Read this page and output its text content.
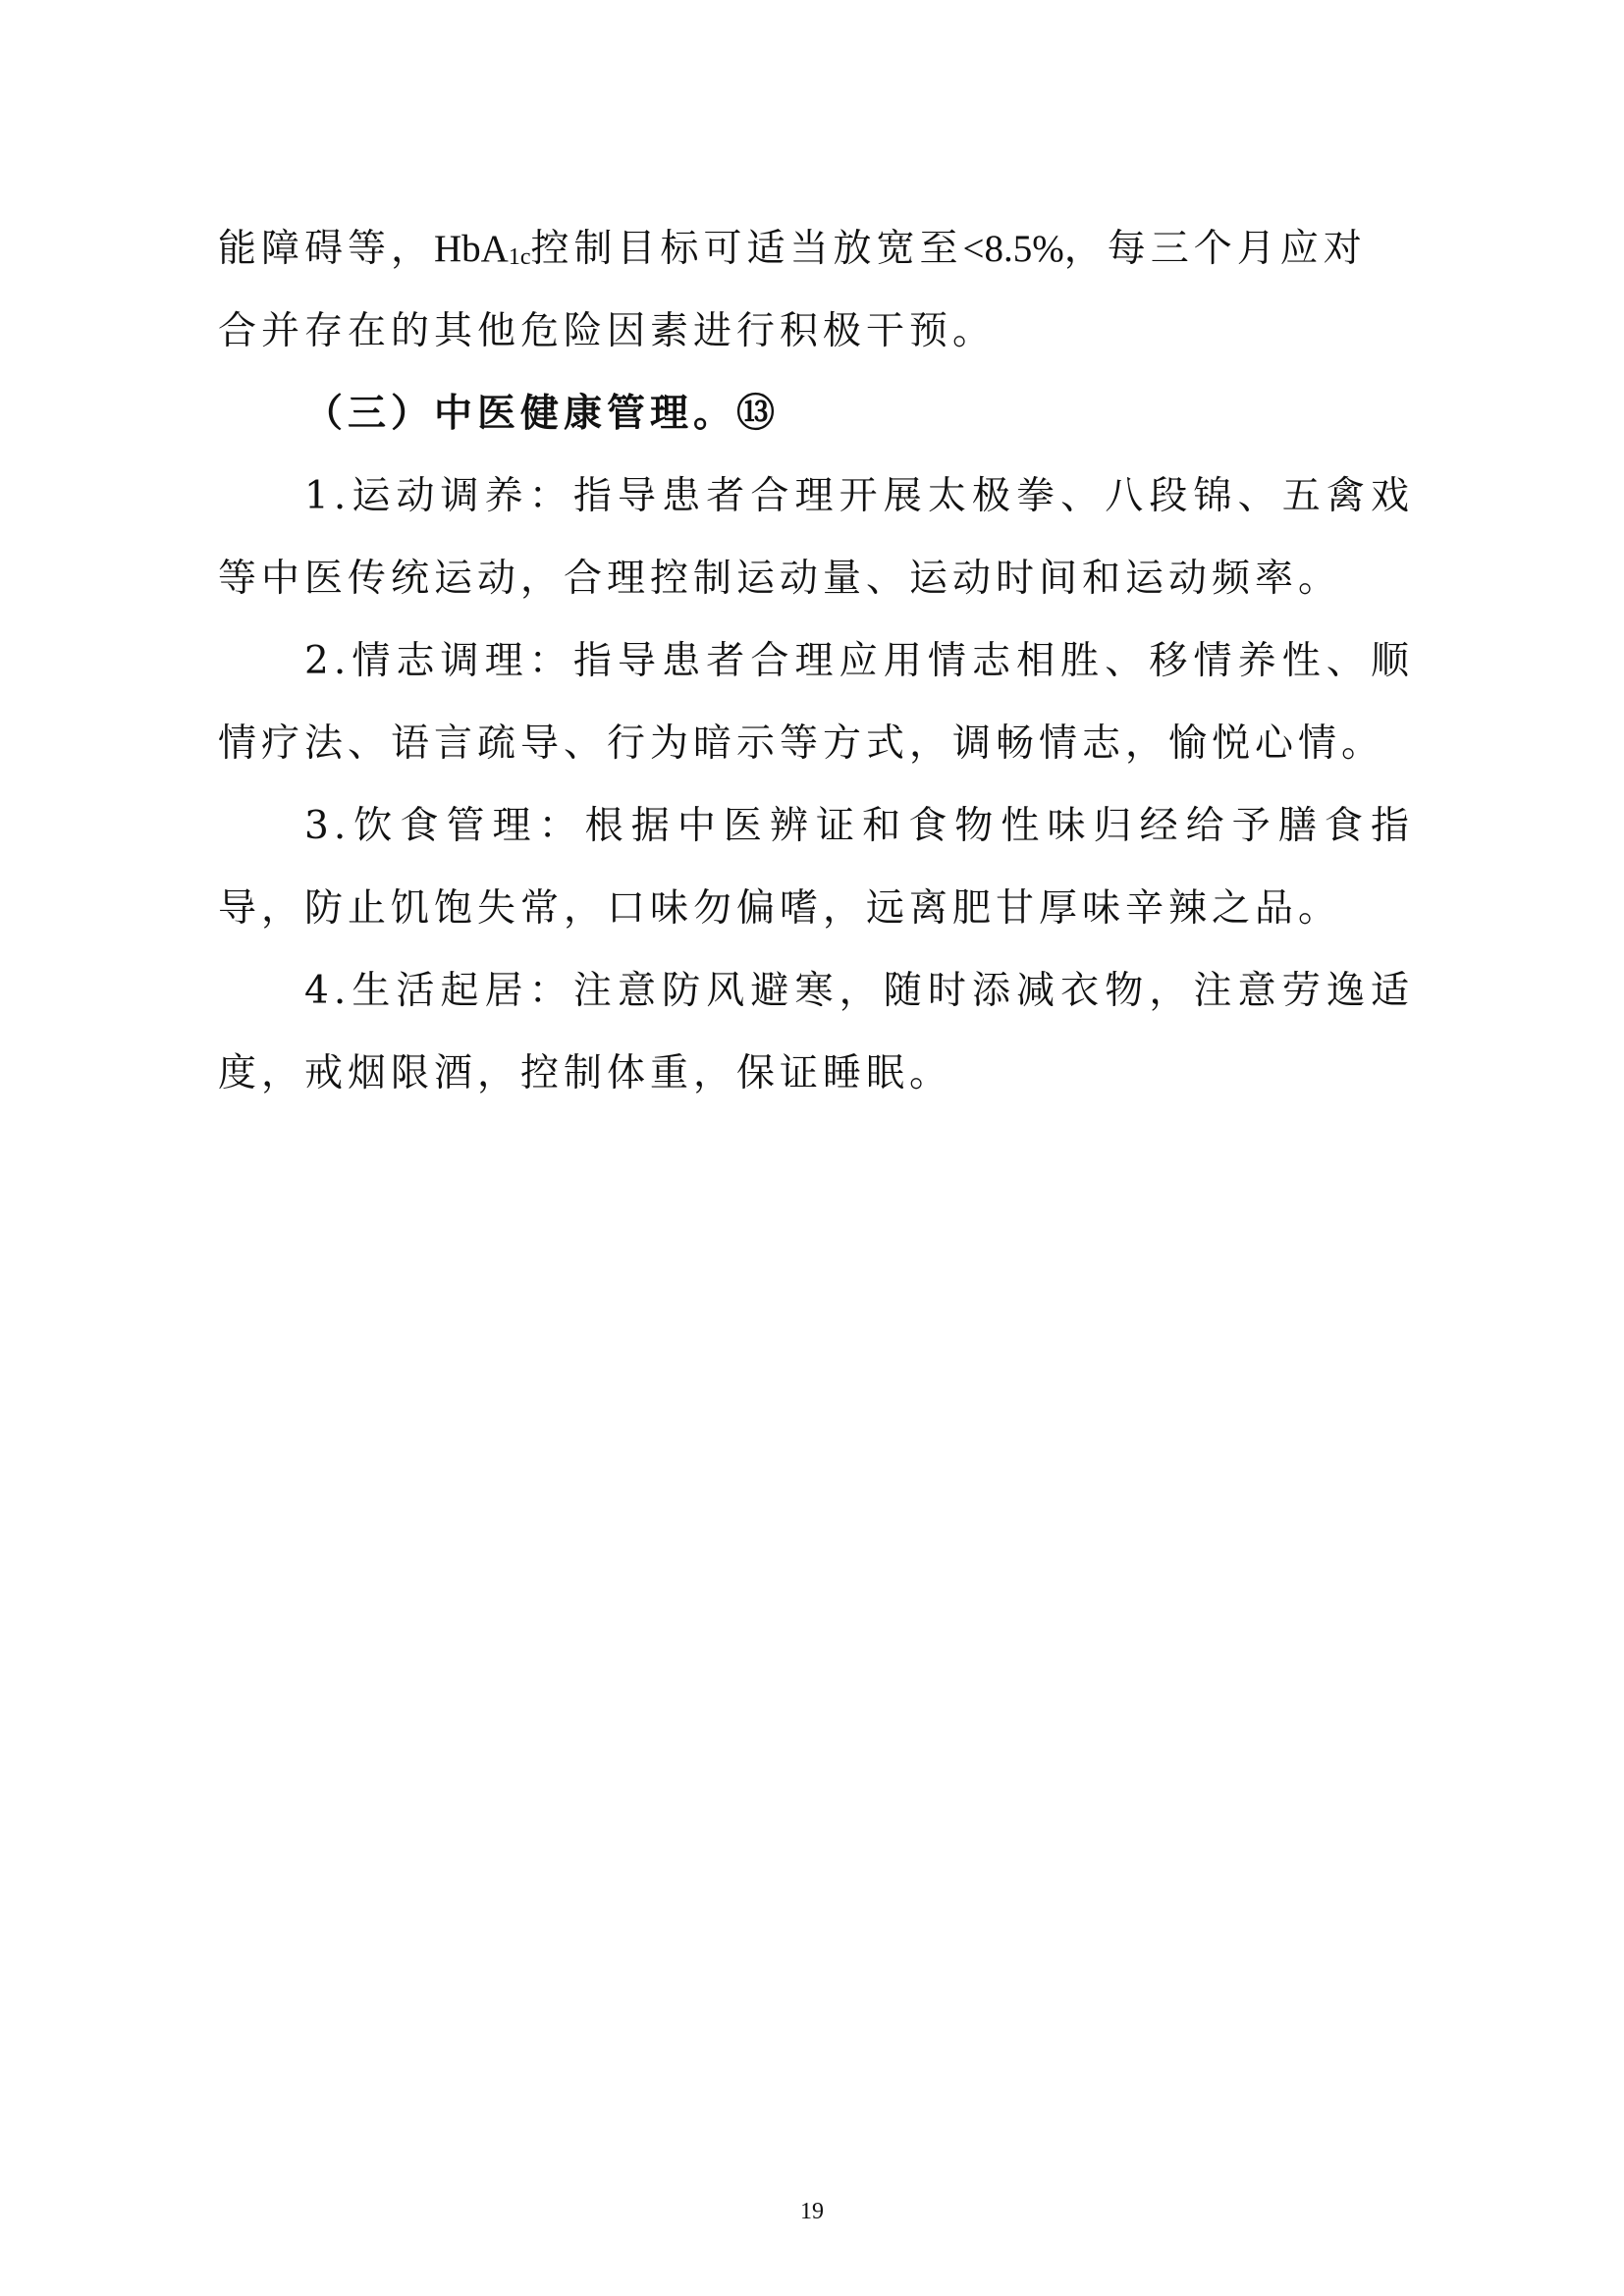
能障碍等，HbA$_{1c}$控制目标可适当放宽至<8.5%，每三个月应对
合并存在的其他危险因素进行积极干预。

（三）中医健康管理。⑬

1.运动调养：指导患者合理开展太极拳、八段锦、五禽戏等中医传统运动，合理控制运动量、运动时间和运动频率。

2.情志调理：指导患者合理应用情志相胜、移情养性、顺情疗法、语言疏导、行为暗示等方式，调畅情志，愉悦心情。

3.饮食管理：根据中医辨证和食物性味归经给予膳食指导，防止饥饱失常，口味勿偏嗜，远离肥甘厚味辛辣之品。

4.生活起居：注意防风避寒，随时添减衣物，注意劳逸适度，戒烟限酒，控制体重，保证睡眠。

19
